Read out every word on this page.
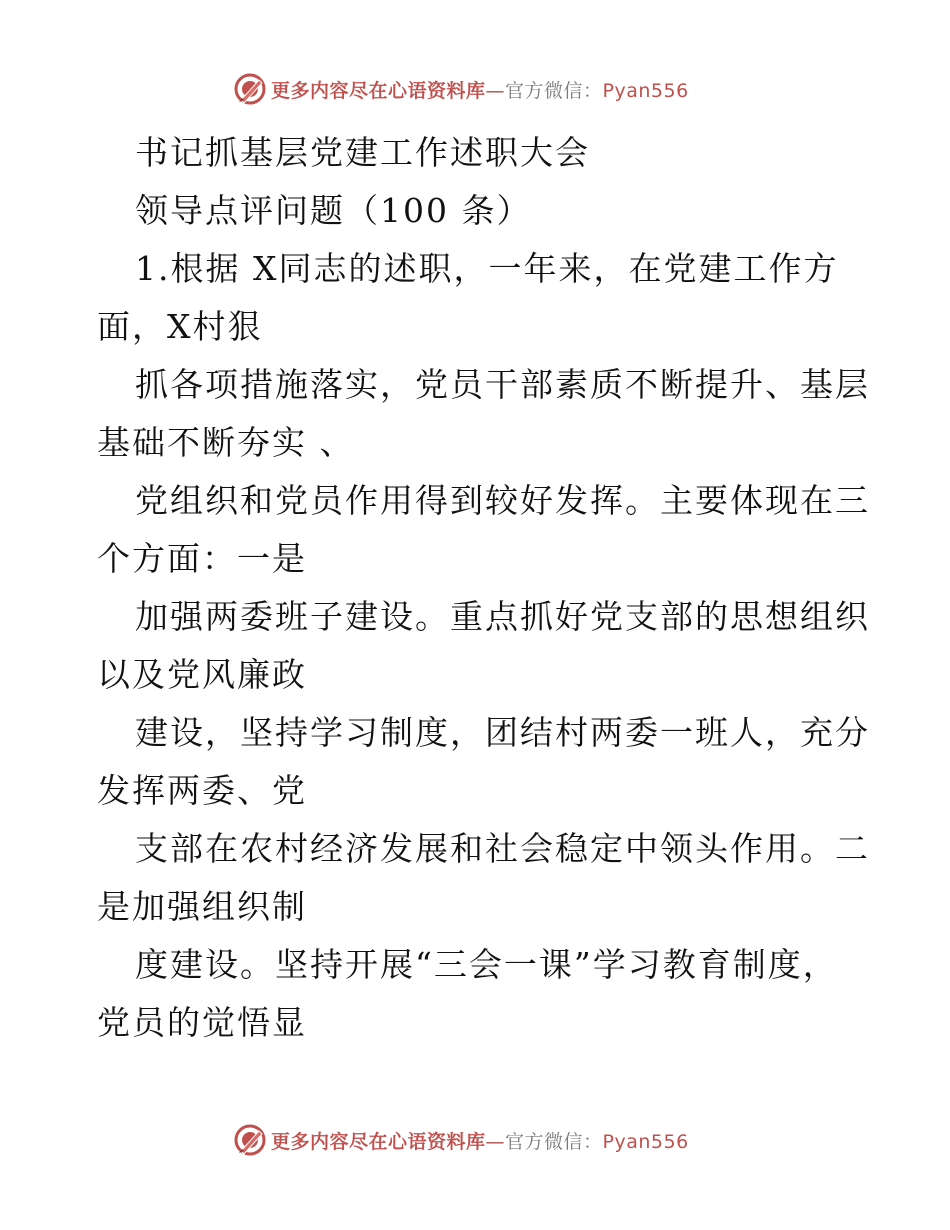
更多内容尽在心语资料库—官方微信：Pyan556
书记抓基层党建工作述职大会
领导点评问题（100 条）
1.根据 X同志的述职，一年来，在党建工作方
面，X村狠
抓各项措施落实，党员干部素质不断提升、基层
基础不断夯实 、
党组织和党员作用得到较好发挥。主要体现在三
个方面：一是
加强两委班子建设。重点抓好党支部的思想组织
以及党风廉政
建设，坚持学习制度，团结村两委一班人，充分
发挥两委、党
支部在农村经济发展和社会稳定中领头作用。二
是加强组织制
度建设。坚持开展“三会一课”学习教育制度，
党员的觉悟显
更多内容尽在心语资料库—官方微信：Pyan556
